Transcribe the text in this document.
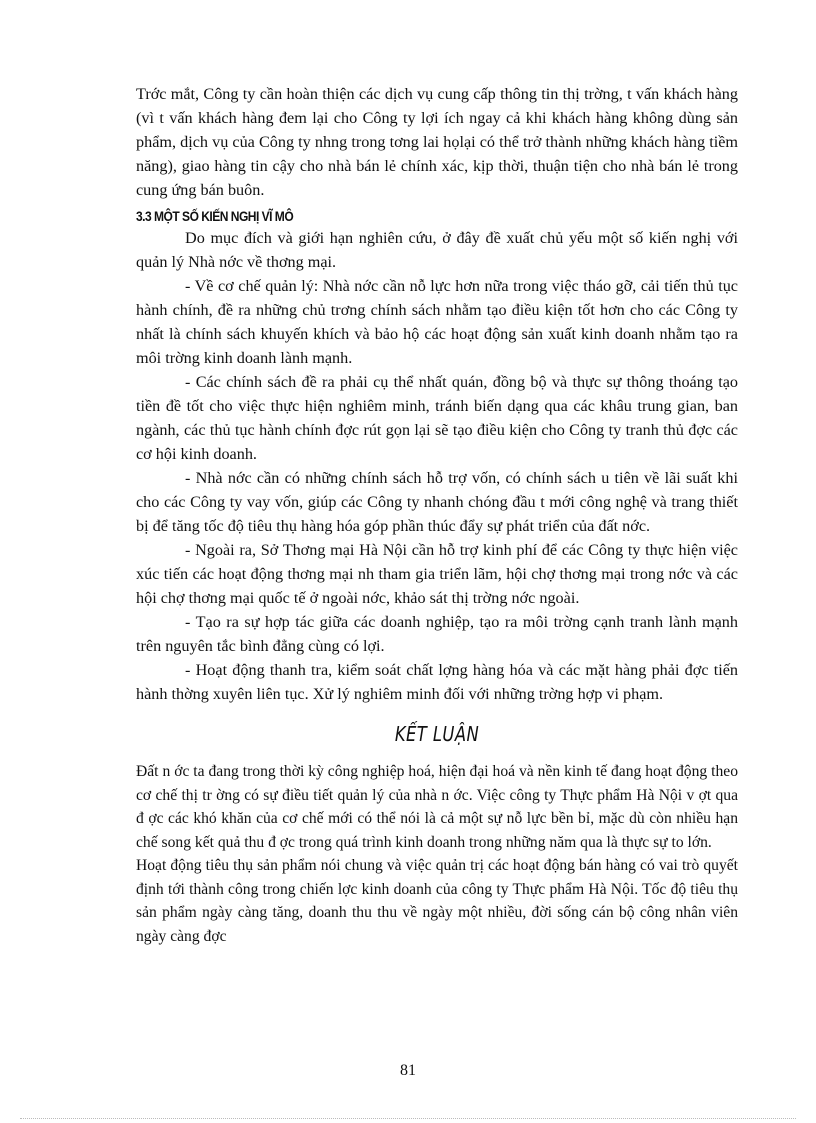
Trớc mắt, Công ty cần hoàn thiện các dịch vụ cung cấp thông tin thị trờng, t vấn khách hàng (vì t vấn khách hàng đem lại cho Công ty lợi ích ngay cả khi khách hàng không dùng sản phẩm, dịch vụ của Công ty nhng trong tơng lai họlại có thể trở thành những khách hàng tiềm năng), giao hàng tin cậy cho nhà bán lẻ chính xác, kịp thời, thuận tiện cho nhà bán lẻ trong cung ứng bán buôn.

3.3 MỘT SỐ KIẾN NGHỊ VĨ MÔ

Do mục đích và giới hạn nghiên cứu, ở đây đề xuất chủ yếu một số kiến nghị với quản lý Nhà nớc về thơng mại.

- Về cơ chế quản lý: Nhà nớc cần nỗ lực hơn nữa trong việc tháo gỡ, cải tiến thủ tục hành chính, đề ra những chủ trơng chính sách nhằm tạo điều kiện tốt hơn cho các Công ty nhất là chính sách khuyến khích và bảo hộ các hoạt động sản xuất kinh doanh nhằm tạo ra môi trờng kinh doanh lành mạnh.

- Các chính sách đề ra phải cụ thể nhất quán, đồng bộ và thực sự thông thoáng tạo tiền đề tốt cho việc thực hiện nghiêm minh, tránh biến dạng qua các khâu trung gian, ban ngành, các thủ tục hành chính đợc rút gọn lại sẽ tạo điều kiện cho Công ty tranh thủ đợc các cơ hội kinh doanh.

- Nhà nớc cần có những chính sách hỗ trợ vốn, có chính sách u tiên về lãi suất khi cho các Công ty vay vốn, giúp các Công ty nhanh chóng đầu t mới công nghệ và trang thiết bị để tăng tốc độ tiêu thụ hàng hóa góp phần thúc đẩy sự phát triển của đất nớc.

- Ngoài ra, Sở Thơng mại Hà Nội cần hỗ trợ kinh phí để các Công ty thực hiện việc xúc tiến các hoạt động thơng mại nh tham gia triển lãm, hội chợ thơng mại trong nớc và các hội chợ thơng mại quốc tế ở ngoài nớc, khảo sát thị trờng nớc ngoài.

- Tạo ra sự hợp tác giữa các doanh nghiệp, tạo ra môi trờng cạnh tranh lành mạnh trên nguyên tắc bình đẳng cùng có lợi.

- Hoạt động thanh tra, kiểm soát chất lợng hàng hóa và các mặt hàng phải đợc tiến hành thờng xuyên liên tục. Xử lý nghiêm minh đối với những trờng hợp vi phạm.

KẾT LUẬN

Đất n ớc ta đang trong thời kỳ công nghiệp hoá, hiện đại hoá và nền kinh tế đang hoạt động theo cơ chế thị tr ờng có sự điều tiết quản lý của nhà n ớc. Việc công ty Thực phẩm Hà Nội v ợt qua đ ợc các khó khăn của cơ chế mới có thể nói là cả một sự nỗ lực bền bỉ, mặc dù còn nhiều hạn chế song kết quả thu đ ợc trong quá trình kinh doanh trong những năm qua là thực sự to lớn.

Hoạt động tiêu thụ sản phẩm nói chung và việc quản trị các hoạt động bán hàng có vai trò quyết định tới thành công trong chiến lợc kinh doanh của công ty Thực phẩm Hà Nội. Tốc độ tiêu thụ sản phẩm ngày càng tăng, doanh thu thu về ngày một nhiều, đời sống cán bộ công nhân viên ngày càng đợc

81
